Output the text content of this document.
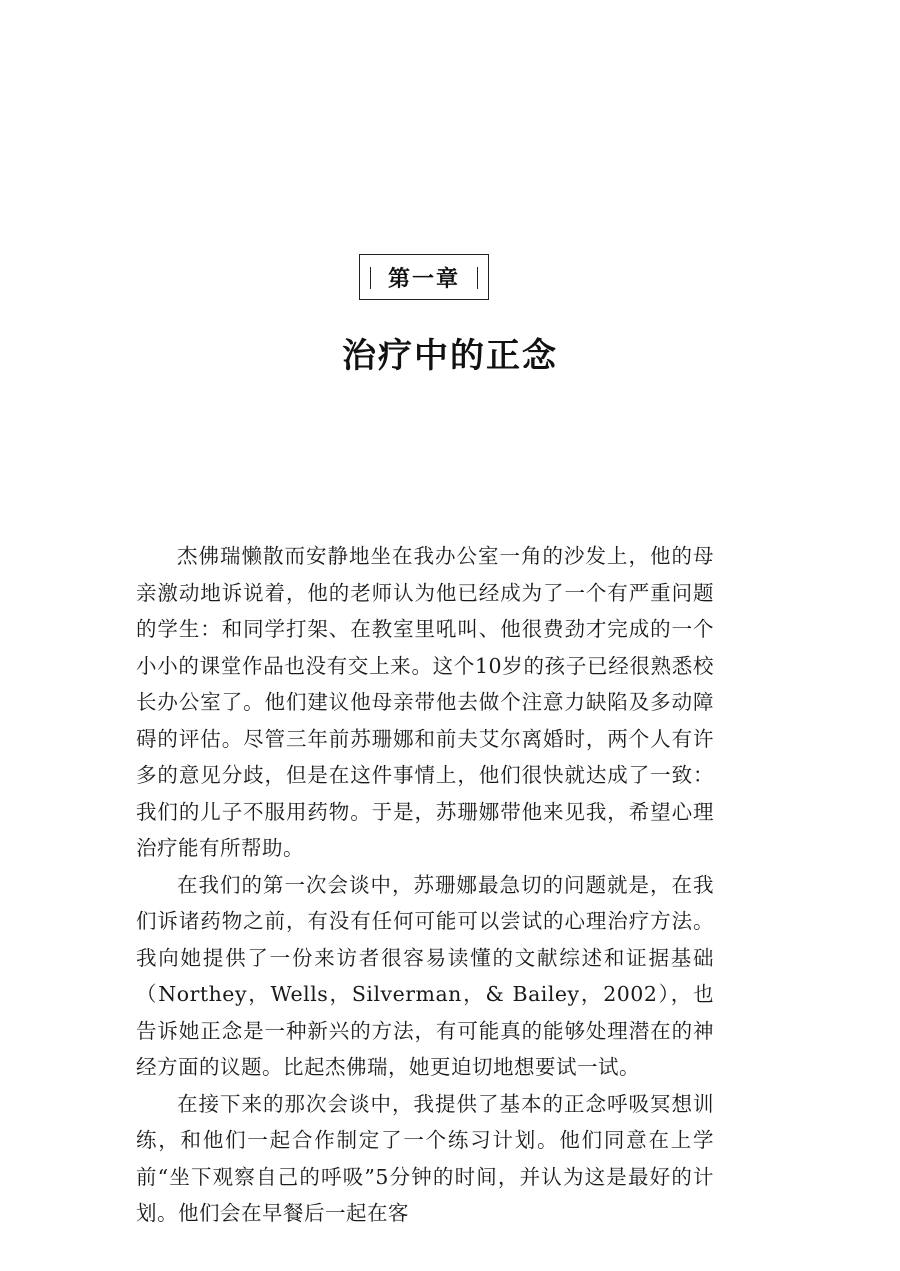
第一章
治疗中的正念

杰佛瑞懒散而安静地坐在我办公室一角的沙发上，他的母亲激动地诉说着，他的老师认为他已经成为了一个有严重问题的学生：和同学打架、在教室里吼叫、他很费劲才完成的一个小小的课堂作品也没有交上来。这个10岁的孩子已经很熟悉校长办公室了。他们建议他母亲带他去做个注意力缺陷及多动障碍的评估。尽管三年前苏珊娜和前夫艾尔离婚时，两个人有许多的意见分歧，但是在这件事情上，他们很快就达成了一致：我们的儿子不服用药物。于是，苏珊娜带他来见我，希望心理治疗能有所帮助。

在我们的第一次会谈中，苏珊娜最急切的问题就是，在我们诉诸药物之前，有没有任何可能可以尝试的心理治疗方法。我向她提供了一份来访者很容易读懂的文献综述和证据基础（Northey，Wells，Silverman，& Bailey，2002），也告诉她正念是一种新兴的方法，有可能真的能够处理潜在的神经方面的议题。比起杰佛瑞，她更迫切地想要试一试。

在接下来的那次会谈中，我提供了基本的正念呼吸冥想训练，和他们一起合作制定了一个练习计划。他们同意在上学前“坐下观察自己的呼吸”5分钟的时间，并认为这是最好的计划。他们会在早餐后一起在客
